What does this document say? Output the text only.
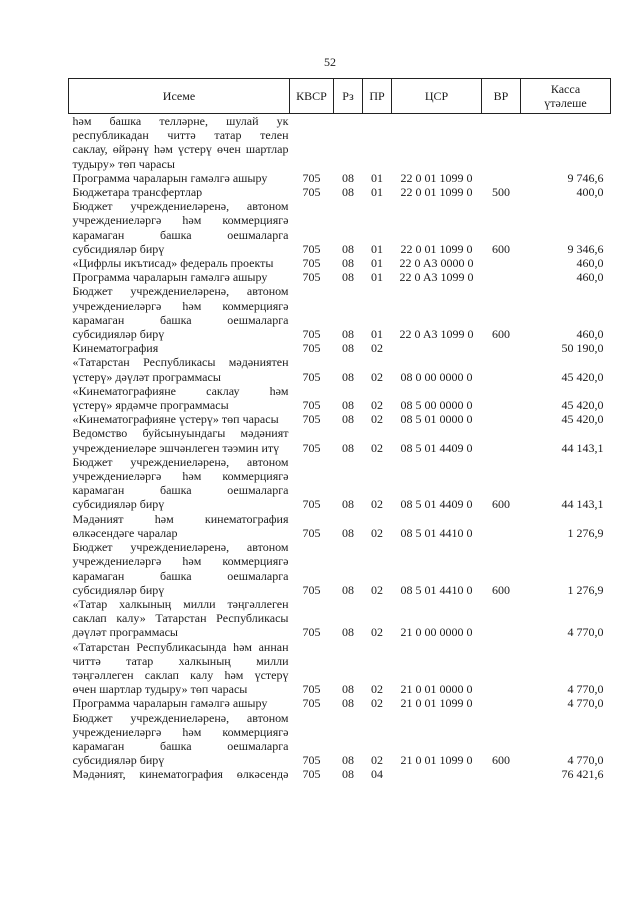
52
Исеме	КВСР	Рз	ПР	ЦСР	ВР	Касса
үтәлеше

һәм башка телләрне, шулай ук
республикадан читтә татар телен
саклау, өйрәнү һәм үстерү өчен шартлар
тудыру» төп чарасы						

Программа чараларын гамәлгә ашыру	705	08	01	22 0 01 1099 0		9 746,6

Бюджетара трансфертлар	705	08	01	22 0 01 1099 0	500	400,0

Бюджет учреждениеләренә, автоном
учреждениеләргә һәм коммерциягә
карамаган башка оешмаларга
субсидияләр бирү	705	08	01	22 0 01 1099 0	600	9 346,6

«Цифрлы икътисад» федераль проекты	705	08	01	22 0 A3 0000 0		460,0

Программа чараларын гамәлгә ашыру	705	08	01	22 0 A3 1099 0		460,0

Бюджет учреждениеләренә, автоном
учреждениеләргә һәм коммерциягә
карамаган башка оешмаларга
субсидияләр бирү	705	08	01	22 0 A3 1099 0	600	460,0

Кинематография	705	08	02			50 190,0

«Татарстан Республикасы мәдәниятен
үстерү» дәүләт программасы	705	08	02	08 0 00 0000 0		45 420,0

«Кинематографияне саклау һәм
үстерү» ярдәмче программасы	705	08	02	08 5 00 0000 0		45 420,0

«Кинематографияне үстерү» төп чарасы	705	08	02	08 5 01 0000 0		45 420,0

Ведомство буйсынуындагы мәдәният
учреждениеләре эшчәнлеген тәэмин итү	705	08	02	08 5 01 4409 0		44 143,1

Бюджет учреждениеләренә, автоном
учреждениеләргә һәм коммерциягә
карамаган башка оешмаларга
субсидияләр бирү	705	08	02	08 5 01 4409 0	600	44 143,1

Мәдәният һәм кинематография
өлкәсендәге чаралар	705	08	02	08 5 01 4410 0		1 276,9

Бюджет учреждениеләренә, автоном
учреждениеләргә һәм коммерциягә
карамаган башка оешмаларга
субсидияләр бирү	705	08	02	08 5 01 4410 0	600	1 276,9

«Татар халкының милли тәңгәллеген
саклап калу» Татарстан Республикасы
дәүләт программасы	705	08	02	21 0 00 0000 0		4 770,0

«Татарстан Республикасында һәм аннан
читтә татар халкының милли
тәңгәллеген саклап калу һәм үстерү
өчен шартлар тудыру» төп чарасы	705	08	02	21 0 01 0000 0		4 770,0

Программа чараларын гамәлгә ашыру	705	08	02	21 0 01 1099 0		4 770,0

Бюджет учреждениеләренә, автоном
учреждениеләргә һәм коммерциягә
карамаган башка оешмаларга
субсидияләр бирү	705	08	02	21 0 01 1099 0	600	4 770,0

Мәдәният, кинематография өлкәсендә	705	08	04			76 421,6
